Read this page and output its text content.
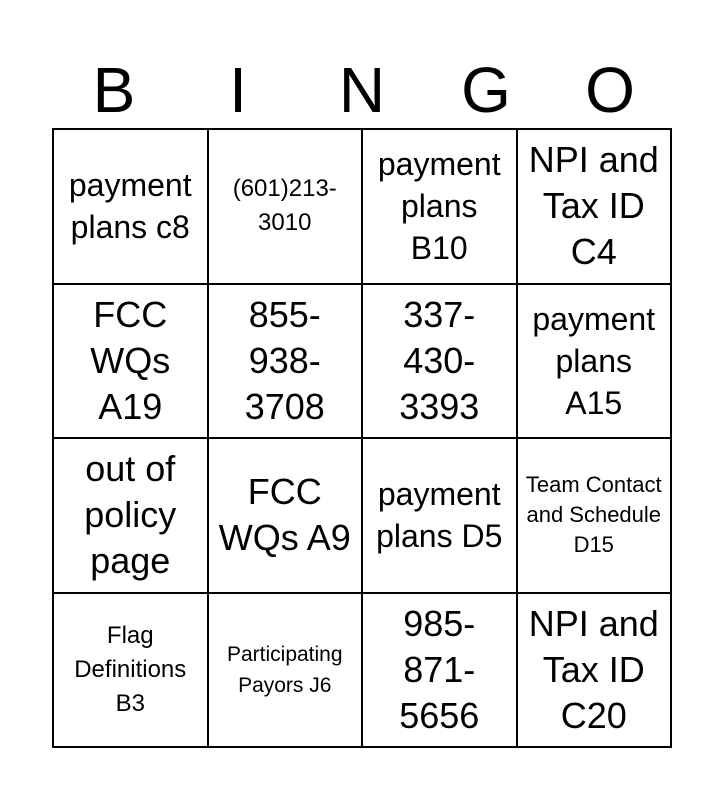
B	I	N	G	O
payment plans c8
(601)213-3010
payment plans B10
NPI and Tax ID C4
FCC WQs A19
855-938-3708
337-430-3393
payment plans A15
out of policy page
FCC WQs A9
payment plans D5
Team Contact and Schedule D15
Flag Definitions B3
Participating Payors J6
985-871-5656
NPI and Tax ID C20
